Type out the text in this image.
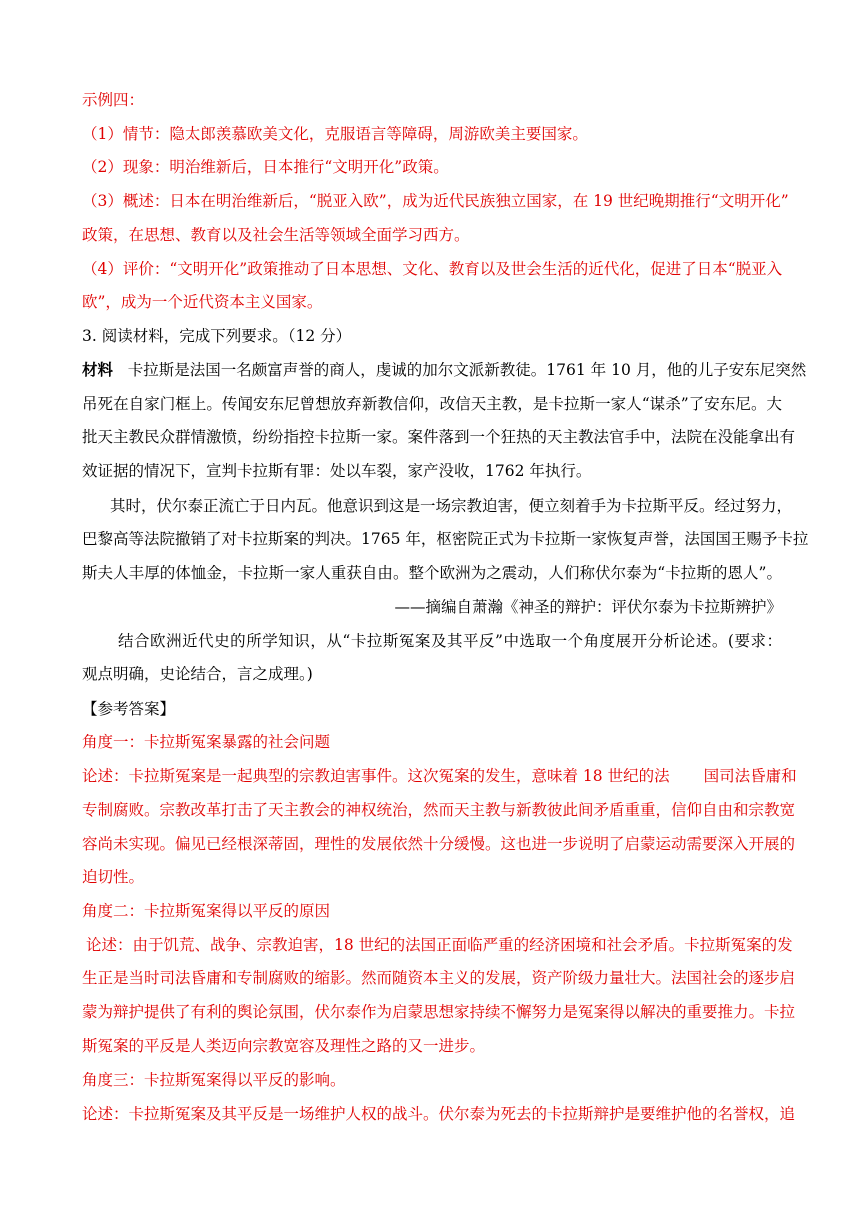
示例四：
（1）情节：隐太郎羡慕欧美文化，克服语言等障碍，周游欧美主要国家。
（2）现象：明治维新后，日本推行“文明开化”政策。
（3）概述：日本在明治维新后，“脱亚入欧”，成为近代民族独立国家，在 19 世纪晚期推行“文明开化”
政策，在思想、教育以及社会生活等领域全面学习西方。
（4）评价：“文明开化”政策推动了日本思想、文化、教育以及世会生活的近代化，促进了日本“脱亚入
欧”，成为一个近代资本主义国家。
3. 阅读材料，完成下列要求。（12 分）
材料 卡拉斯是法国一名颇富声誉的商人，虔诚的加尔文派新教徒。1761 年 10 月，他的儿子安东尼突然
吊死在自家门框上。传闻安东尼曾想放弃新教信仰，改信天主教，是卡拉斯一家人“谋杀”了安东尼。大
批天主教民众群情激愤，纷纷指控卡拉斯一家。案件落到一个狂热的天主教法官手中，法院在没能拿出有
效证据的情况下，宣判卡拉斯有罪：处以车裂，家产没收，1762 年执行。
其时，伏尔泰正流亡于日内瓦。他意识到这是一场宗教迫害，便立刻着手为卡拉斯平反。经过努力，
巴黎高等法院撤销了对卡拉斯案的判决。1765 年，枢密院正式为卡拉斯一家恢复声誉，法国国王赐予卡拉
斯夫人丰厚的体恤金，卡拉斯一家人重获自由。整个欧洲为之震动，人们称伏尔泰为“卡拉斯的恩人”。
——摘编自萧瀚《神圣的辩护：评伏尔泰为卡拉斯辨护》
结合欧洲近代史的所学知识，从“卡拉斯冤案及其平反”中选取一个角度展开分析论述。(要求：
观点明确，史论结合，言之成理。)
【参考答案】
角度一：卡拉斯冤案暴露的社会问题
论述：卡拉斯冤案是一起典型的宗教迫害事件。这次冤案的发生，意味着 18 世纪的法 国司法昏庸和
专制腐败。宗教改革打击了天主教会的神权统治，然而天主教与新教彼此间矛盾重重，信仰自由和宗教宽
容尚未实现。偏见已经根深蒂固，理性的发展依然十分缓慢。这也进一步说明了启蒙运动需要深入开展的
迫切性。
角度二：卡拉斯冤案得以平反的原因
论述：由于饥荒、战争、宗教迫害，18 世纪的法国正面临严重的经济困境和社会矛盾。卡拉斯冤案的发
生正是当时司法昏庸和专制腐败的缩影。然而随资本主义的发展，资产阶级力量壮大。法国社会的逐步启
蒙为辩护提供了有利的舆论氛围，伏尔泰作为启蒙思想家持续不懈努力是冤案得以解决的重要推力。卡拉
斯冤案的平反是人类迈向宗教宽容及理性之路的又一进步。
角度三：卡拉斯冤案得以平反的影响。
论述：卡拉斯冤案及其平反是一场维护人权的战斗。伏尔泰为死去的卡拉斯辩护是要维护他的名誉权，追
